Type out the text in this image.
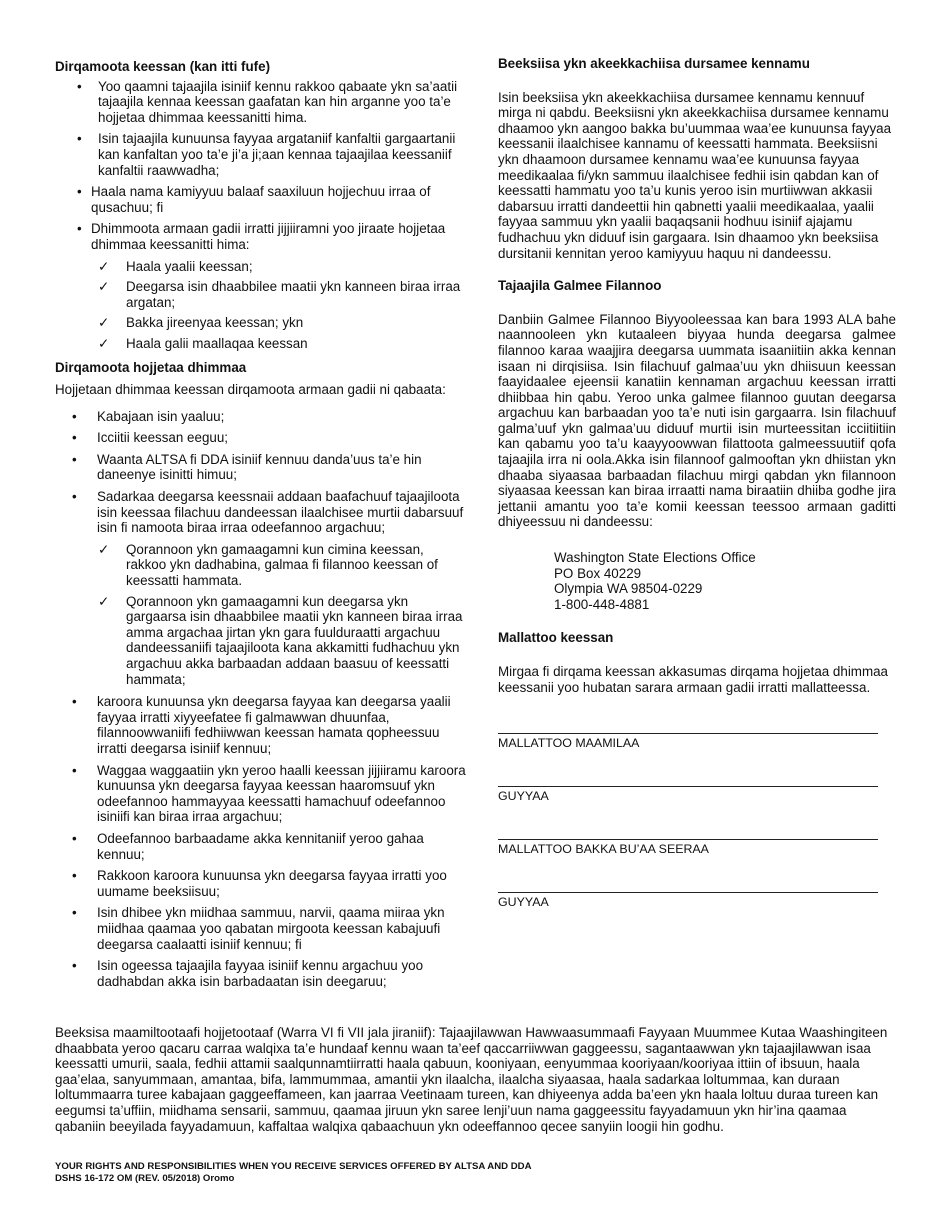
Dirqamoota keessan (kan itti fufe)
• Yoo qaamni tajaajila isiniif kennu rakkoo qabaate ykn sa’aatii tajaajila kennaa keessan gaafatan kan hin arganne yoo ta’e hojjetaa dhimmaa keessanitti hima.
• Isin tajaajila kunuunsa fayyaa argataniif kanfaltii gargaartanii kan kanfaltan yoo ta’e ji’a ji;aan kennaa tajaajilaa keessaniif kanfaltii raawwadha;
• Haala nama kamiyyuu balaaf saaxiluun hojjechuu irraa of qusachuu; fi
• Dhimmoota armaan gadii irratti jijjiiramni yoo jiraate hojjetaa dhimmaa keessanitti hima:
✓ Haala yaalii keessan;
✓ Deegarsa isin dhaabbilee maatii ykn kanneen biraa irraa argatan;
✓ Bakka jireenyaa keessan; ykn
✓ Haala galii maallaqaa keessan
Dirqamoota hojjetaa dhimmaa
Hojjetaan dhimmaa keessan dirqamoota armaan gadii ni qabaata:
• Kabajaan isin yaaluu;
• Icciitii keessan eeguu;
• Waanta ALTSA fi DDA isiniif kennuu danda’uus ta’e hin daneenye isinitti himuu;
• Sadarkaa deegarsa keessnaii addaan baafachuuf tajaajiloota isin keessaa filachuu dandeessan ilaalchisee murtii dabarsuuf isin fi namoota biraa irraa odeefannoo argachuu;
✓ Qorannoon ykn gamaagamni kun cimina keessan, rakkoo ykn dadhabina, galmaa fi filannoo keessan of keessatti hammata.
✓ Qorannoon ykn gamaagamni kun deegarsa ykn gargaarsa isin dhaabbilee maatii ykn kanneen biraa irraa amma argachaa jirtan ykn gara fuulduraatti argachuu dandeessaniifi tajaajiloota kana akkamitti fudhachuu ykn argachuu akka barbaadan addaan baasuu of keessatti hammata;
• karoora kunuunsa ykn deegarsa fayyaa kan deegarsa yaalii fayyaa irratti xiyyeefatee fi galmawwan dhuunfaa, filannoowwaniifi fedhiiwwan keessan hamata qopheessuu irratti deegarsa isiniif kennuu;
• Waggaa waggaatiin ykn yeroo haalli keessan jijjiiramu karoora kunuunsa ykn deegarsa fayyaa keessan haaromsuuf ykn odeefannoo hammayyaa keessatti hamachuuf odeefannoo isiniifi kan biraa irraa argachuu;
• Odeefannoo barbaadame akka kennitaniif yeroo gahaa kennuu;
• Rakkoon karoora kunuunsa ykn deegarsa fayyaa irratti yoo uumame beeksiisuu;
• Isin dhibee ykn miidhaa sammuu, narvii, qaama miiraa ykn miidhaa qaamaa yoo qabatan mirgoota keessan kabajuufi deegarsa caalaatti isiniif kennuu; fi
• Isin ogeessa tajaajila fayyaa isiniif kennu argachuu yoo dadhabdan akka isin barbadaatan isin deegaruu;
Beeksiisa ykn akeekkachiisa dursamee kennamu
Isin beeksiisa ykn akeekkachiisa dursamee kennamu kennuuf mirga ni qabdu. Beeksiisni ykn akeekkachiisa dursamee kennamu dhaamoo ykn aangoo bakka bu’uummaa waa’ee kunuunsa fayyaa keessanii ilaalchisee kannamu of keessatti hammata. Beeksiisni ykn dhaamoon dursamee kennamu waa’ee kunuunsa fayyaa meedikaalaa fi/ykn sammuu ilaalchisee fedhii isin qabdan kan of keessatti hammatu yoo ta’u kunis yeroo isin murtiiwwan akkasii dabarsuu irratti dandeettii hin qabnetti yaalii meedikaalaa, yaalii fayyaa sammuu ykn yaalii baqaqsanii hodhuu isiniif ajajamu fudhachuu ykn diduuf isin gargaara. Isin dhaamoo ykn beeksiisa dursitanii kennitan yeroo kamiyyuu haquu ni dandeessu.
Tajaajila Galmee Filannoo
Danbiin Galmee Filannoo Biyyooleessaa kan bara 1993 ALA bahe naannooleen ykn kutaaleen biyyaa hunda deegarsa galmee filannoo karaa waajjira deegarsa uummata isaaniitiin akka kennan isaan ni dirqisiisa. Isin filachuuf galmaa’uu ykn dhiisuun keessan faayidaalee ejeensii kanatiin kennaman argachuu keessan irratti dhiibbaa hin qabu. Yeroo unka galmee filannoo guutan deegarsa argachuu kan barbaadan yoo ta’e nuti isin gargaarra. Isin filachuuf galma’uuf ykn galmaa’uu diduuf murtii isin murteessitan icciitiitiin kan qabamu yoo ta’u kaayyoowwan filattoota galmeessuutiif qofa tajaajila irra ni oola.Akka isin filannoof galmooftan ykn dhiistan ykn dhaaba siyaasaa barbaadan filachuu mirgi qabdan ykn filannoon siyaasaa keessan kan biraa irraatti nama biraatiin dhiiba godhe jira jettanii amantu yoo ta’e komii keessan teessoo armaan gaditti dhiyeessuu ni dandeessu:
Washington State Elections Office
PO Box 40229
Olympia WA 98504-0229
1-800-448-4881
Mallattoo keessan
Mirgaa fi dirqama keessan akkasumas dirqama hojjetaa dhimmaa keessanii yoo hubatan sarara armaan gadii irratti mallatteessa.
MALLATTOO MAAMILAA
GUYYAA
MALLATTOO BAKKA BU’AA SEERAA
GUYYAA
Beeksisa maamiltootaafi hojjetootaaf (Warra VI fi VII jala jiraniif): Tajaajilawwan Hawwaasummaafi Fayyaan Muummee Kutaa Waashingiteen dhaabbata yeroo qacaru carraa walqixa ta’e hundaaf kennu waan ta’eef qaccarriiwwan gaggeessu, sagantaawwan ykn tajaajilawwan isaa keessatti umurii, saala, fedhii attamii saalqunnamtiirratti haala qabuun, kooniyaan, eenyummaa kooriyaan/kooriyaa ittiin of ibsuun, haala gaa’elaa, sanyummaan, amantaa, bifa, lammummaa, amantii ykn ilaalcha, ilaalcha siyaasaa, haala sadarkaa loltummaa, kan duraan loltummaarra turee kabajaan gaggeeffameen, kan jaarraa Veetinaam tureen, kan dhiyeenya adda ba’een ykn haala loltuu duraa tureen kan eegumsi ta’uffiin, miidhama sensarii, sammuu, qaamaa jiruun ykn saree lenji’uun nama gaggeessitu fayyadamuun ykn hir’ina qaamaa qabaniin beeyilada fayyadamuun, kaffaltaa walqixa qabaachuun ykn odeeffannoo qecee sanyiin loogii hin godhu.
YOUR RIGHTS AND RESPONSIBILITIES WHEN YOU RECEIVE SERVICES OFFERED BY ALTSA AND DDA
DSHS 16-172 OM (REV. 05/2018) Oromo
